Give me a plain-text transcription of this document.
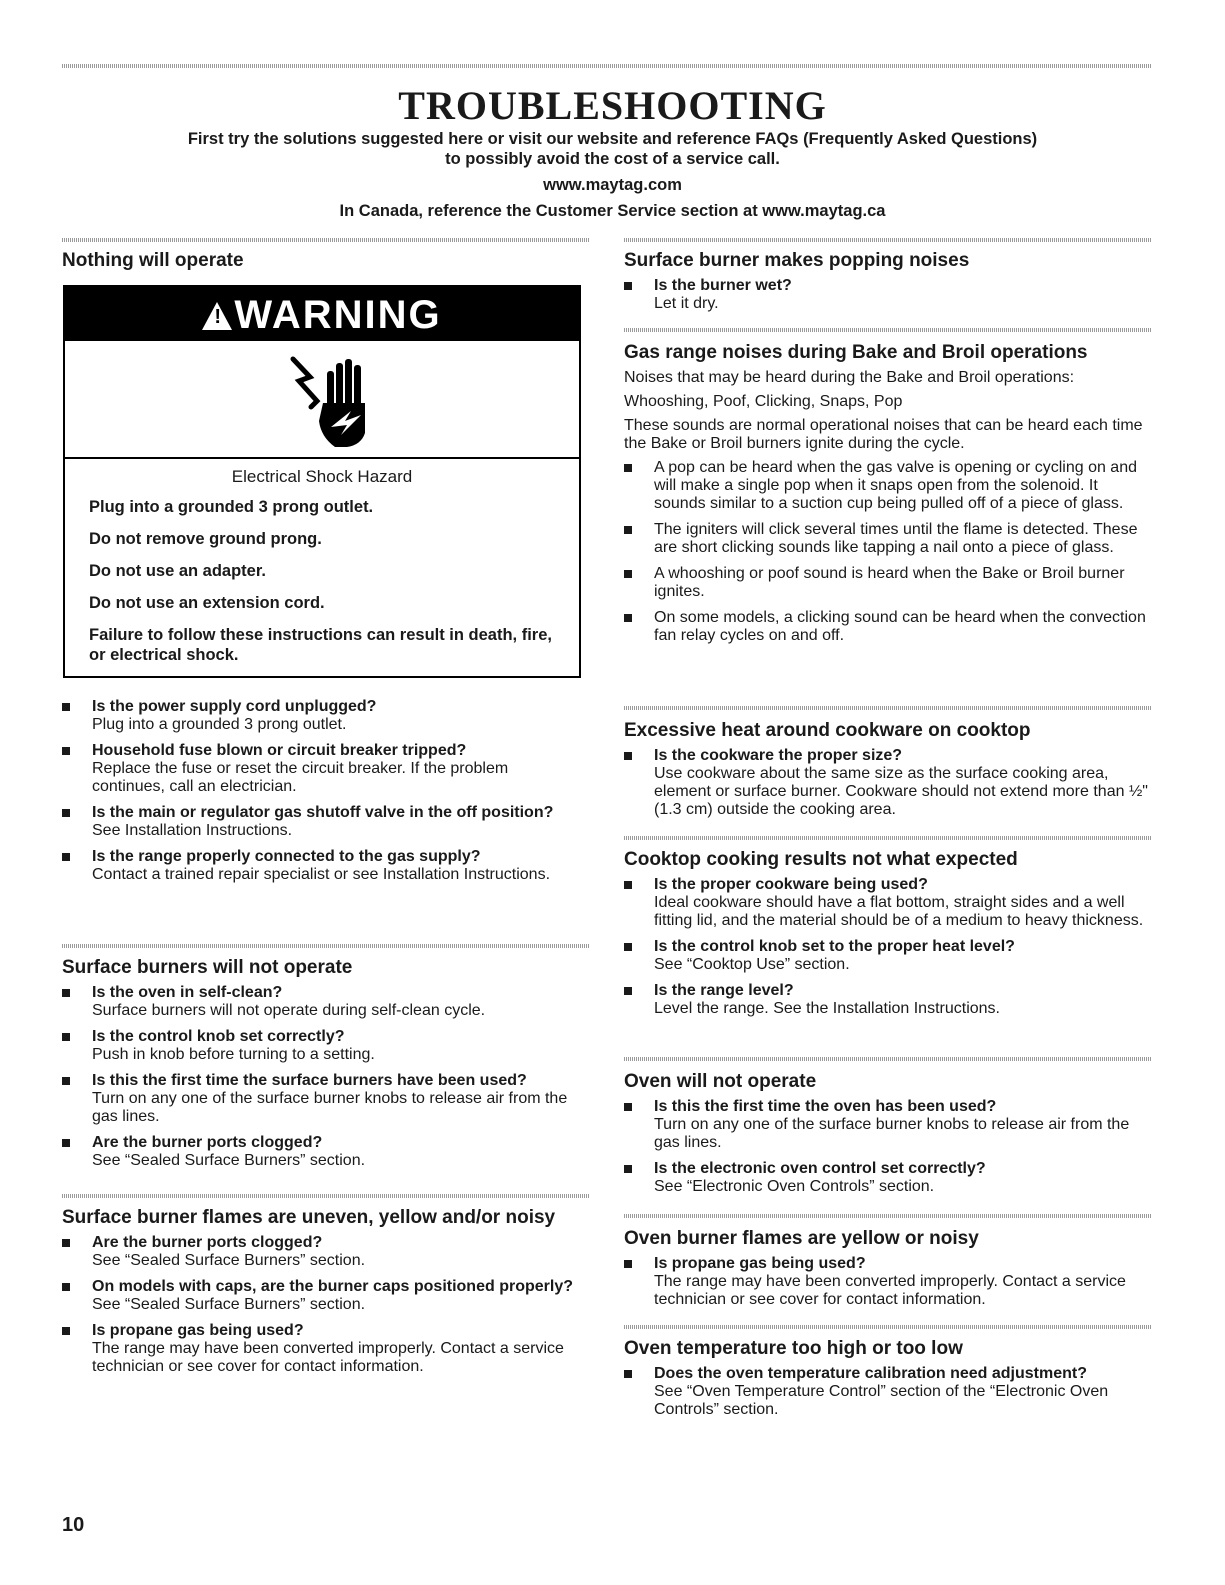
TROUBLESHOOTING
First try the solutions suggested here or visit our website and reference FAQs (Frequently Asked Questions)
to possibly avoid the cost of a service call.
www.maytag.com
In Canada, reference the Customer Service section at www.maytag.ca
Nothing will operate
!WARNING
Electrical Shock Hazard

Plug into a grounded 3 prong outlet.

Do not remove ground prong.

Do not use an adapter.

Do not use an extension cord.

Failure to follow these instructions can result in death, fire, or electrical shock.

Is the power supply cord unplugged?
Plug into a grounded 3 prong outlet.
Household fuse blown or circuit breaker tripped?
Replace the fuse or reset the circuit breaker. If the problem continues, call an electrician.
Is the main or regulator gas shutoff valve in the off position?
See Installation Instructions.
Is the range properly connected to the gas supply?
Contact a trained repair specialist or see Installation Instructions.
Surface burners will not operate
Is the oven in self-clean?
Surface burners will not operate during self-clean cycle.
Is the control knob set correctly?
Push in knob before turning to a setting.
Is this the first time the surface burners have been used?
Turn on any one of the surface burner knobs to release air from the gas lines.
Are the burner ports clogged?
See “Sealed Surface Burners” section.
Surface burner flames are uneven, yellow and/or noisy
Are the burner ports clogged?
See “Sealed Surface Burners” section.
On models with caps, are the burner caps positioned properly?
See “Sealed Surface Burners” section.
Is propane gas being used?
The range may have been converted improperly. Contact a service technician or see cover for contact information.
Surface burner makes popping noises
Is the burner wet?
Let it dry.
Gas range noises during Bake and Broil operations

Noises that may be heard during the Bake and Broil operations:

Whooshing, Poof, Clicking, Snaps, Pop

These sounds are normal operational noises that can be heard each time the Bake or Broil burners ignite during the cycle.

A pop can be heard when the gas valve is opening or cycling on and will make a single pop when it snaps open from the solenoid. It sounds similar to a suction cup being pulled off of a piece of glass.
The igniters will click several times until the flame is detected. These are short clicking sounds like tapping a nail onto a piece of glass.
A whooshing or poof sound is heard when the Bake or Broil burner ignites.
On some models, a clicking sound can be heard when the convection fan relay cycles on and off.
Excessive heat around cookware on cooktop
Is the cookware the proper size?
Use cookware about the same size as the surface cooking area, element or surface burner. Cookware should not extend more than ½" (1.3 cm) outside the cooking area.
Cooktop cooking results not what expected
Is the proper cookware being used?
Ideal cookware should have a flat bottom, straight sides and a well fitting lid, and the material should be of a medium to heavy thickness.
Is the control knob set to the proper heat level?
See “Cooktop Use” section.
Is the range level?
Level the range. See the Installation Instructions.
Oven will not operate
Is this the first time the oven has been used?
Turn on any one of the surface burner knobs to release air from the gas lines.
Is the electronic oven control set correctly?
See “Electronic Oven Controls” section.
Oven burner flames are yellow or noisy
Is propane gas being used?
The range may have been converted improperly. Contact a service technician or see cover for contact information.
Oven temperature too high or too low
Does the oven temperature calibration need adjustment?
See “Oven Temperature Control” section of the “Electronic Oven Controls” section.
10
